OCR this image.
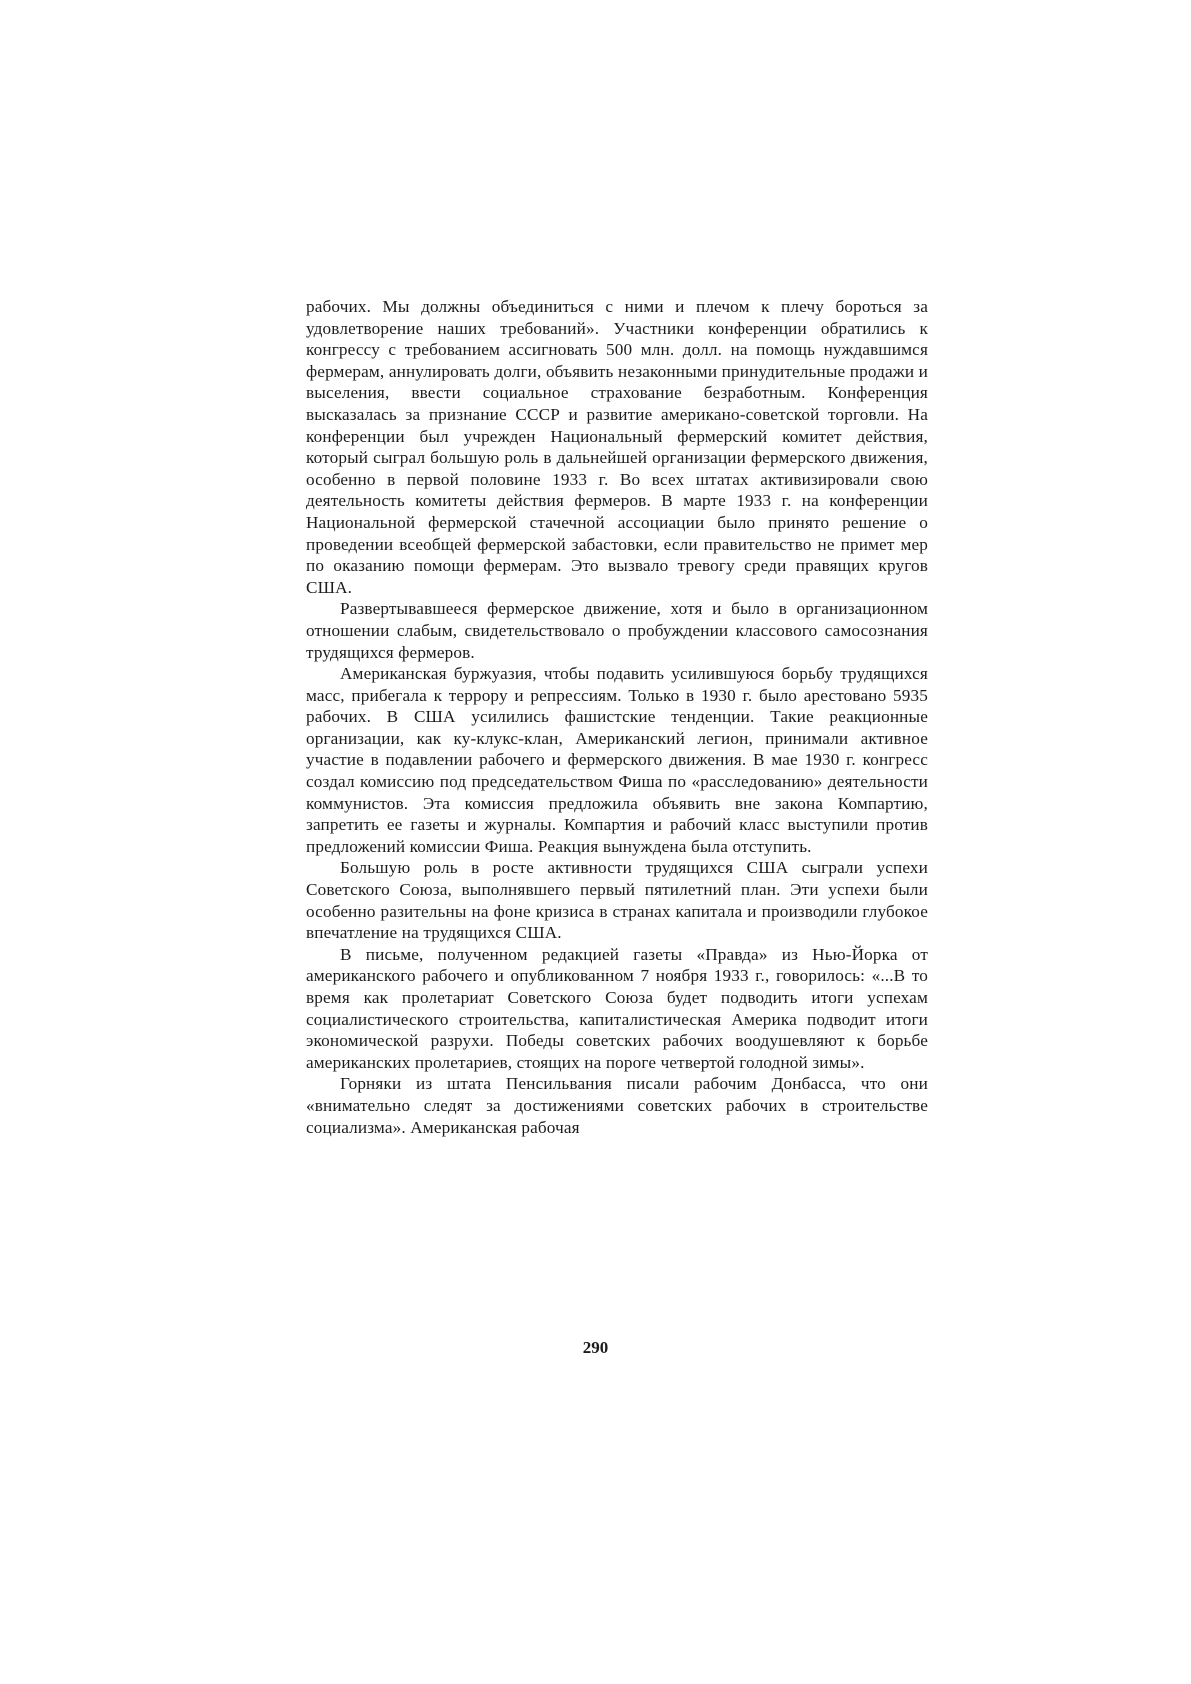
рабочих. Мы должны объединиться с ними и плечом к плечу бороться за удовлетворение наших требований». Участники конференции обратились к конгрессу с требованием ассигновать 500 млн. долл. на помощь нуждавшимся фермерам, аннулировать долги, объявить незаконными принудительные продажи и выселения, ввести социальное страхование безработным. Конференция высказалась за признание СССР и развитие американо-советской торговли. На конференции был учрежден Национальный фермерский комитет действия, который сыграл большую роль в дальнейшей организации фермерского движения, особенно в первой половине 1933 г. Во всех штатах активизировали свою деятельность комитеты действия фермеров. В марте 1933 г. на конференции Национальной фермерской стачечной ассоциации было принято решение о проведении всеобщей фермерской забастовки, если правительство не примет мер по оказанию помощи фермерам. Это вызвало тревогу среди правящих кругов США.

Развертывавшееся фермерское движение, хотя и было в организационном отношении слабым, свидетельствовало о пробуждении классового самосознания трудящихся фермеров.

Американская буржуазия, чтобы подавить усилившуюся борьбу трудящихся масс, прибегала к террору и репрессиям. Только в 1930 г. было арестовано 5935 рабочих. В США усилились фашистские тенденции. Такие реакционные организации, как ку-клукс-клан, Американский легион, принимали активное участие в подавлении рабочего и фермерского движения. В мае 1930 г. конгресс создал комиссию под председательством Фиша по «расследованию» деятельности коммунистов. Эта комиссия предложила объявить вне закона Компартию, запретить ее газеты и журналы. Компартия и рабочий класс выступили против предложений комиссии Фиша. Реакция вынуждена была отступить.

Большую роль в росте активности трудящихся США сыграли успехи Советского Союза, выполнявшего первый пятилетний план. Эти успехи были особенно разительны на фоне кризиса в странах капитала и производили глубокое впечатление на трудящихся США.

В письме, полученном редакцией газеты «Правда» из Нью-Йорка от американского рабочего и опубликованном 7 ноября 1933 г., говорилось: «...В то время как пролетариат Советского Союза будет подводить итоги успехам социалистического строительства, капиталистическая Америка подводит итоги экономической разрухи. Победы советских рабочих воодушевляют к борьбе американских пролетариев, стоящих на пороге четвертой голодной зимы».

Горняки из штата Пенсильвания писали рабочим Донбасса, что они «внимательно следят за достижениями советских рабочих в строительстве социализма». Американская рабочая

290
